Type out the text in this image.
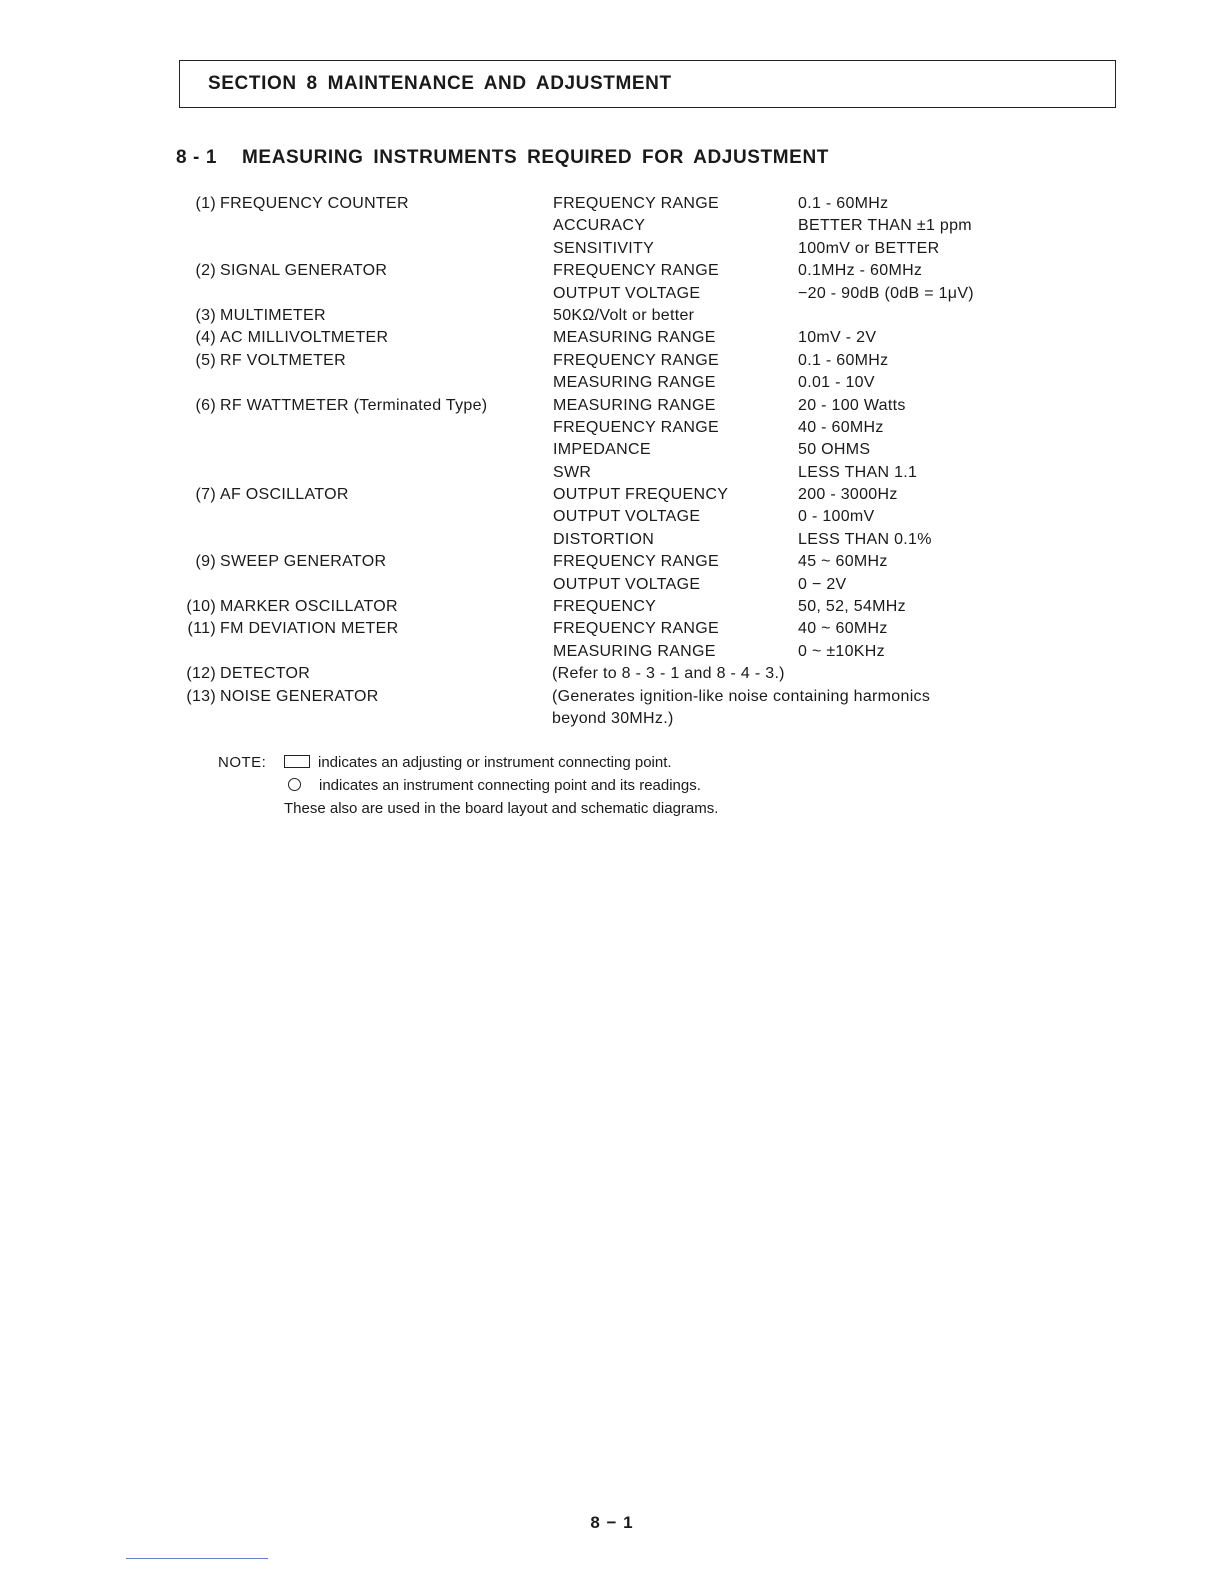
SECTION 8 MAINTENANCE AND ADJUSTMENT
8 - 1 MEASURING INSTRUMENTS REQUIRED FOR ADJUSTMENT
(1) FREQUENCY COUNTER	FREQUENCY RANGE	0.1 - 60MHz
ACCURACY	BETTER THAN ±1 ppm
SENSITIVITY	100mV or BETTER
(2) SIGNAL GENERATOR	FREQUENCY RANGE	0.1MHz - 60MHz
OUTPUT VOLTAGE	−20 - 90dB (0dB = 1μV)
(3) MULTIMETER	50KΩ/Volt or better
(4) AC MILLIVOLTMETER	MEASURING RANGE	10mV - 2V
(5) RF VOLTMETER	FREQUENCY RANGE	0.1 - 60MHz
MEASURING RANGE	0.01 - 10V
(6) RF WATTMETER (Terminated Type)	MEASURING RANGE	20 - 100 Watts
FREQUENCY RANGE	40 - 60MHz
IMPEDANCE	50 OHMS
SWR	LESS THAN 1.1
(7) AF OSCILLATOR	OUTPUT FREQUENCY	200 - 3000Hz
OUTPUT VOLTAGE	0 - 100mV
DISTORTION	LESS THAN 0.1%
(9) SWEEP GENERATOR	FREQUENCY RANGE	45 ~ 60MHz
OUTPUT VOLTAGE	0 − 2V
(10) MARKER OSCILLATOR	FREQUENCY	50, 52, 54MHz
(11) FM DEVIATION METER	FREQUENCY RANGE	40 ~ 60MHz
MEASURING RANGE	0 ~ ±10KHz
(12) DETECTOR	(Refer to 8 - 3 - 1 and 8 - 4 - 3.)
(13) NOISE GENERATOR	(Generates ignition-like noise containing harmonics
beyond 30MHz.)
NOTE:	indicates an adjusting or instrument connecting point.
indicates an instrument connecting point and its readings.
These also are used in the board layout and schematic diagrams.
8 − 1
